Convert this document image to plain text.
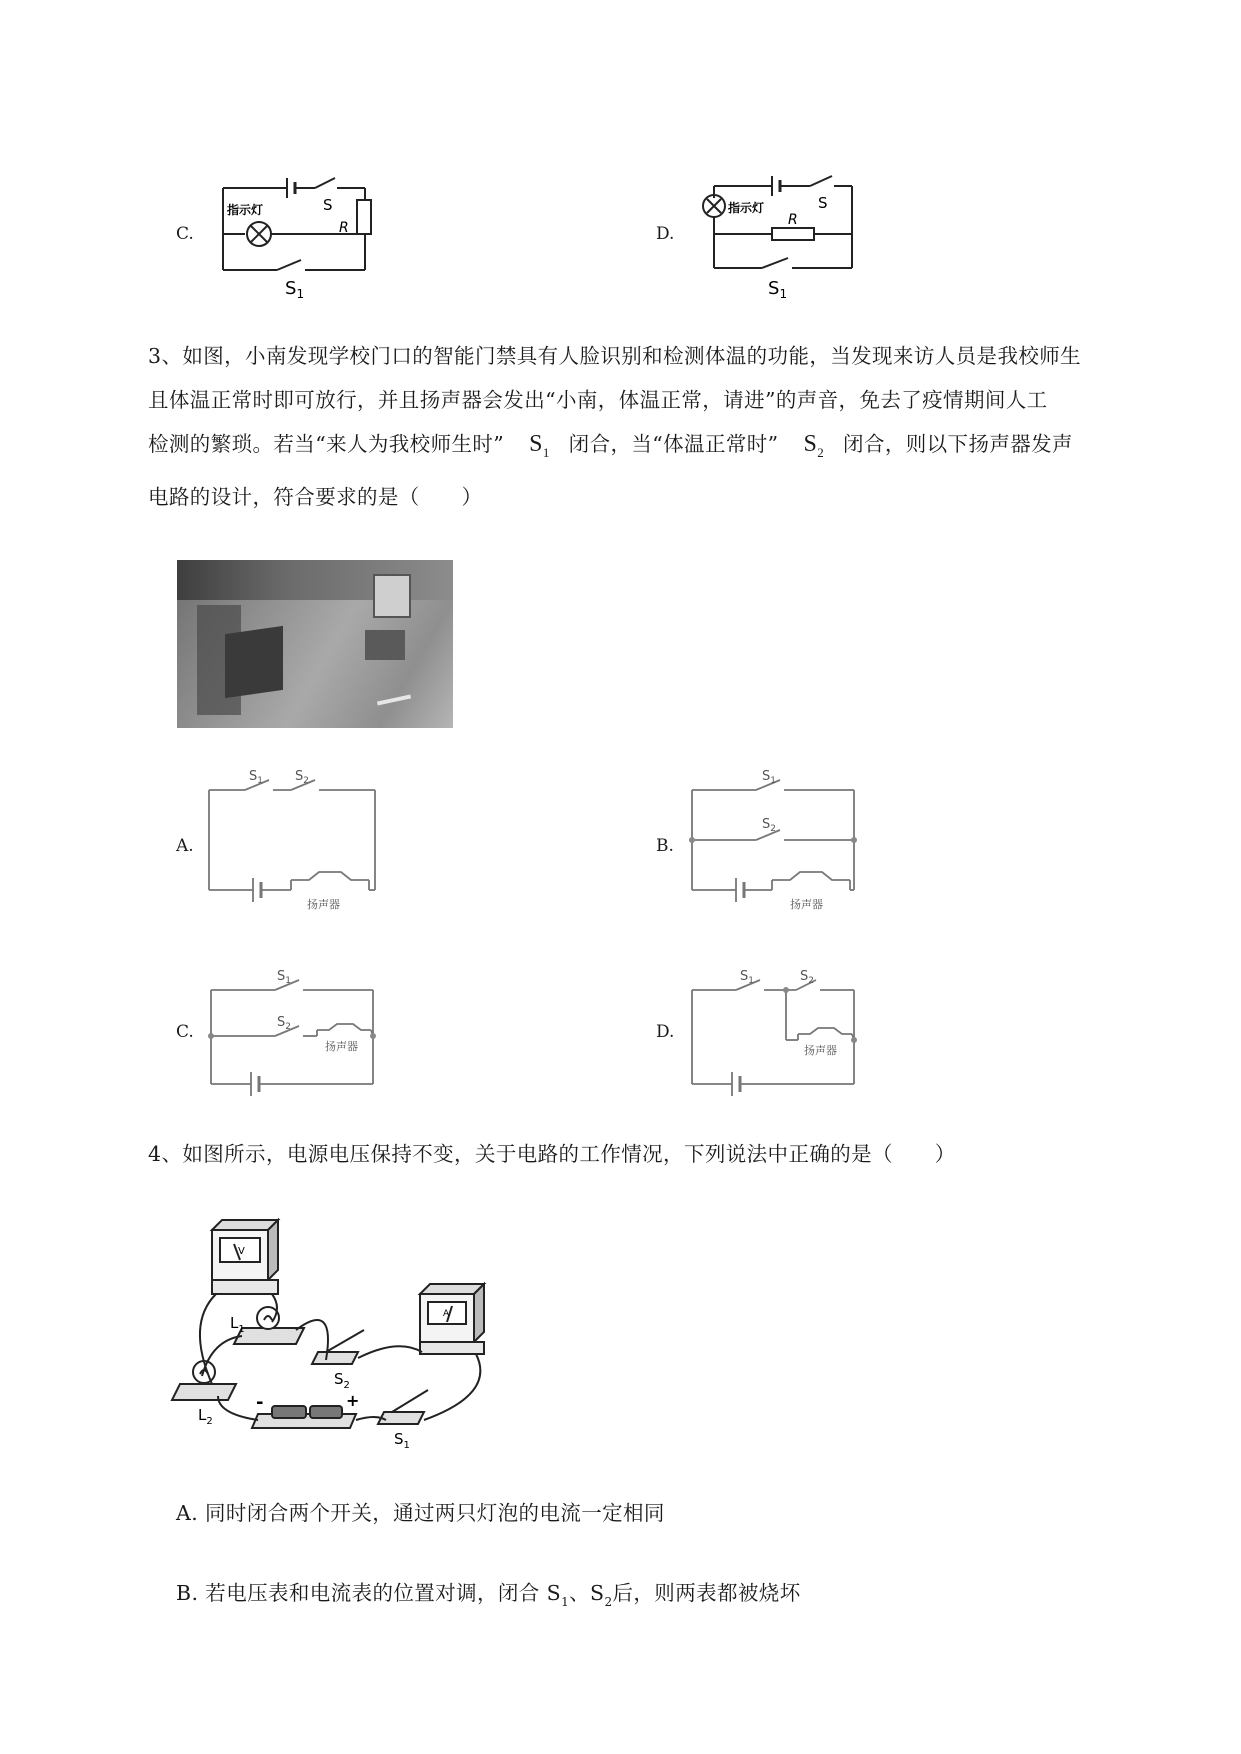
C.
指示灯	S
R
$S_1$
D.
指示灯	S
R
$S_1$

3、如图，小南发现学校门口的智能门禁具有人脸识别和检测体温的功能，当发现来访人员是我校师生

且体温正常时即可放行，并且扬声器会发出“小南，体温正常，请进”的声音，免去了疫情期间人工

检测的繁琐。若当“来人为我校师生时” $S_1$ 闭合，当“体温正常时” $S_2$ 闭合，则以下扬声器发声

电路的设计，符合要求的是（　　）

A.
$S_1$ $S_2$
扬声器
B.
$S_1$
$S_2$
扬声器
C.
$S_1$
$S_2$
扬声器
D.
$S_1$	$S_2$
扬声器

4、如图所示，电源电压保持不变，关于电路的工作情况，下列说法中正确的是（　　）

$L_1$
$L_2$
$S_2$
$S_1$
-	+
V
A
A. 同时闭合两个开关，通过两只灯泡的电流一定相同
B. 若电压表和电流表的位置对调，闭合 $S_1$、$S_2$后，则两表都被烧坏
